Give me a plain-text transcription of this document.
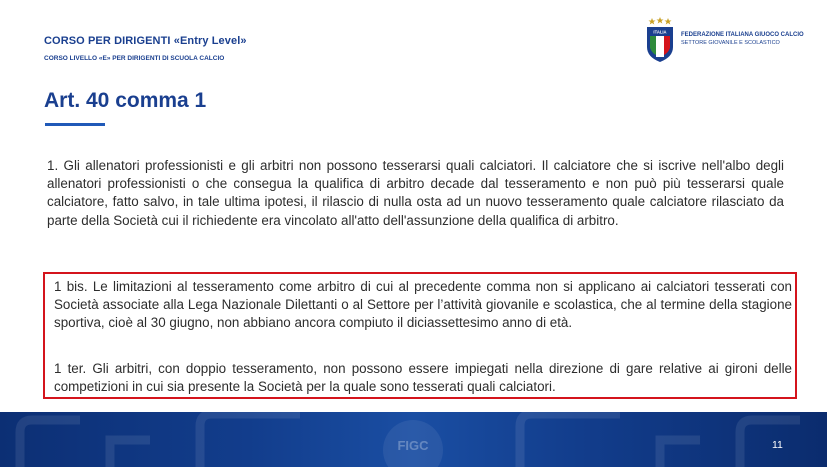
CORSO PER DIRIGENTI «Entry Level»
CORSO LIVELLO «E» PER DIRIGENTI DI SCUOLA CALCIO
ITALIA FEDERAZIONE ITALIANA GIUOCO CALCIO
SETTORE GIOVANILE E SCOLASTICO
Art. 40 comma 1
1. Gli allenatori professionisti e gli arbitri non possono tesserarsi quali calciatori. Il calciatore che si iscrive nell'albo degli allenatori professionisti o che consegua la qualifica di arbitro decade dal tesseramento e non può più tesserarsi quale calciatore, fatto salvo, in tale ultima ipotesi, il rilascio di nulla osta ad un nuovo tesseramento quale calciatore rilasciato da parte della Società cui il richiedente era vincolato all'atto dell'assunzione della qualifica di arbitro.
1 bis. Le limitazioni al tesseramento come arbitro di cui al precedente comma non si applicano ai calciatori tesserati con Società associate alla Lega Nazionale Dilettanti o al Settore per l’attività giovanile e scolastica, che al termine della stagione sportiva, cioè al 30 giugno, non abbiano ancora compiuto il diciassettesimo anno di età.
1 ter. Gli arbitri, con doppio tesseramento, non possono essere impiegati nella direzione di gare relative ai gironi delle competizioni in cui sia presente la Società per la quale sono tesserati quali calciatori.
FIGC	11
